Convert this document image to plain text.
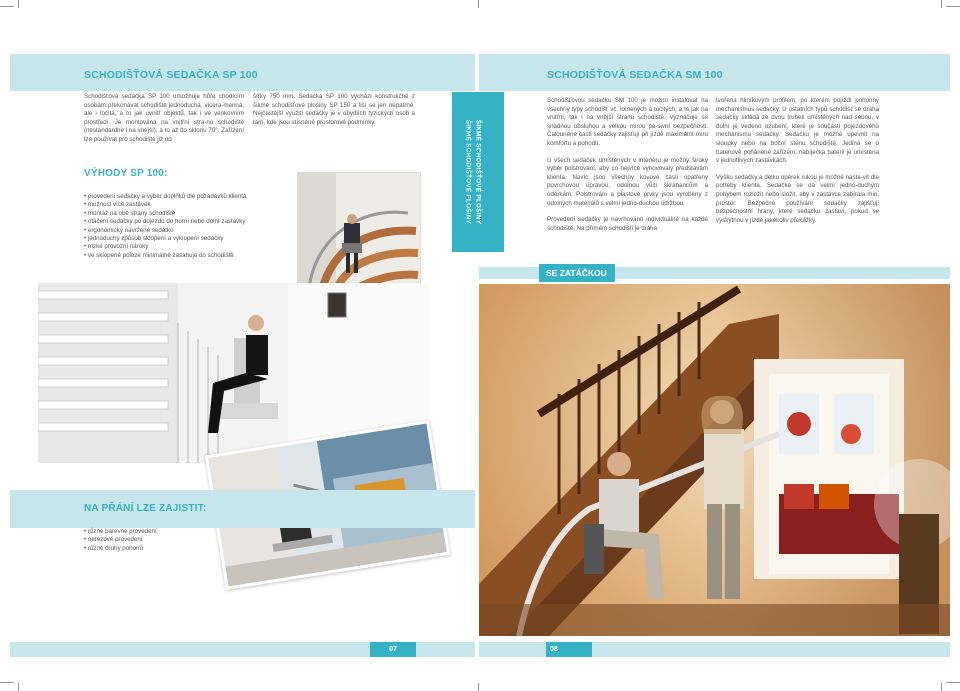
SCHODIŠŤOVÁ SEDAČKA SP 100
Schodišťová sedačka SP 100 umožňuje hůře chodícím osobám překonávat schodiště jednoduchá, vícera-menná, ale i točitá, a to jak uvnitř objektů, tak i ve venkovním prostředí. Je montována na vnitřní stra-nu schodiště (nestandardně i na vnější), a to až do sklonu 70°. Zařízení lze používat pro schodiště již od
šířky 750 mm. Sedačka SP 100 vychází konstrukčně z šikmé schodišťové plošiny SP 150 a liší se jen nepatrně. Nejčastější využití sedačky je v obydlích fyzických osob a tam, kde jsou stísněné prostorové podmínky.
VÝHODY SP 100:
• provedení sedačky a výběr doplňků dle požadavků klienta
• možnost více zastávek
• montáž na obě strany schodiště
• otáčení sedačky po dojezdu do horní nebo dolní zastávky
• ergonomicky navržené sedátko
• jednoduchý způsob sklopení a vyklopení sedačky
• nízké provozní nároky
• ve sklopené poloze minimálně zasahuje do schodiště
NA PŘÁNÍ LZE ZAJISTIT:
• různé barevné provedení
• nerezové provedení
• různé druhy pohonů
07
ŠIKMÉ SCHODIŠŤOVÉ PLOŠINY
ŠIKMÉ SCHODIŠŤOVÉ PLOŠINY
SCHODIŠŤOVÁ SEDAČKA SM 100
Schodišťovou sedačku SM 100 je možno instalovat na všechny typy schodišť vč. lomených a točitých, a to jak na vnitřní, tak i na vnější stranu schodiště. Vyznačuje se snadnou obsluhou a velkou mírou pa-sivní bezpečnosti. Čalouněné části sedačky zajišťují při jízdě maximální míru komfortu a pohodlí.
U všech sedaček umístěných v interiéru je možný široký výběr polstrování, aby co nejvíce vyhovovaly představám klienta. Navíc jsou všechny kovové části opatřeny povrchovou úpravou, odolnou vůči škrábancům a oděrkám. Polstrování a plastové prvky jsou vyrobeny z odolných materiálů s velmi jedno-duchou údržbou.
Provedení sedačky je navrhováno individuálně na každé schodiště. Na přímém schodišti je dráha
tvořena hliníkovým profilem, po kterém pojíždí pohonný mechanismus sedačky. U ostatních typů schodišť se dráha sedačky skládá ze dvou trubek umístěných nad sebou, v dolní je vedeno ozubení, které je součástí pojezdového mechanismu sedačky. Sedačku je možné upevnit na sloupky nebo na boční stěnu schodiště. Jediná se o bateriově poháněné zařízení, nabíječka baterií je umístěna v jednotlivých zastávkách.
Výšku sedačky a délku opěrek rukou je možné nasta-vit dle potřeby klienta. Sedačka se dá velmi jedno-duchým pohybem rozložit nebo složit, aby v zastávce zabírala min. prostor. Bezpečné používání sedačky zajišťují bezpečnostní hrany, které sedačku zastaví, pokud se vyskytnou v jízdě jakékoliv překážky.
SE ZATÁČKOU
08
